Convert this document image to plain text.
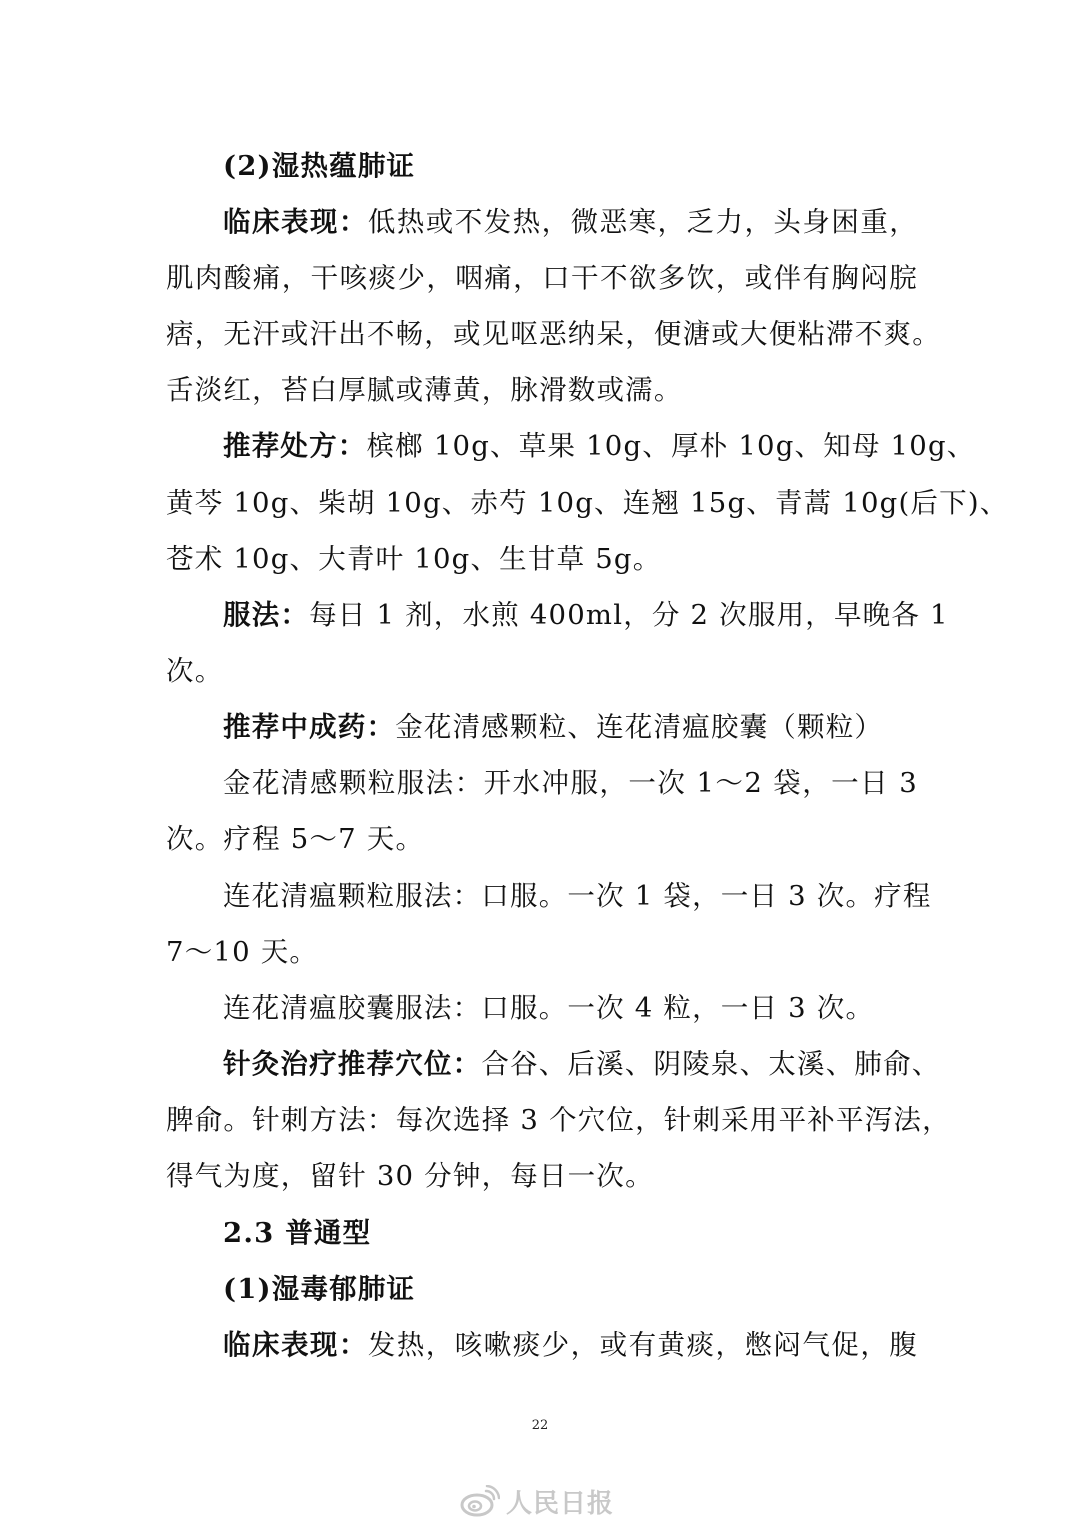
(2)湿热蕴肺证
临床表现：低热或不发热，微恶寒，乏力，头身困重，
肌肉酸痛，干咳痰少，咽痛，口干不欲多饮，或伴有胸闷脘
痞，无汗或汗出不畅，或见呕恶纳呆，便溏或大便粘滞不爽。
舌淡红，苔白厚腻或薄黄，脉滑数或濡。
推荐处方：槟榔 10g、草果 10g、厚朴 10g、知母 10g、
黄芩 10g、柴胡 10g、赤芍 10g、连翘 15g、青蒿 10g(后下)、
苍术 10g、大青叶 10g、生甘草 5g。
服法：每日 1 剂，水煎 400ml，分 2 次服用，早晚各 1
次。
推荐中成药：金花清感颗粒、连花清瘟胶囊（颗粒）
金花清感颗粒服法：开水冲服，一次 1～2 袋，一日 3
次。疗程 5～7 天。
连花清瘟颗粒服法：口服。一次 1 袋，一日 3 次。疗程
7～10 天。
连花清瘟胶囊服法：口服。一次 4 粒，一日 3 次。
针灸治疗推荐穴位：合谷、后溪、阴陵泉、太溪、肺俞、
脾俞。针刺方法：每次选择 3 个穴位，针刺采用平补平泻法，
得气为度，留针 30 分钟，每日一次。
2.3 普通型
(1)湿毒郁肺证
临床表现：发热，咳嗽痰少，或有黄痰，憋闷气促，腹
22
人民日报
